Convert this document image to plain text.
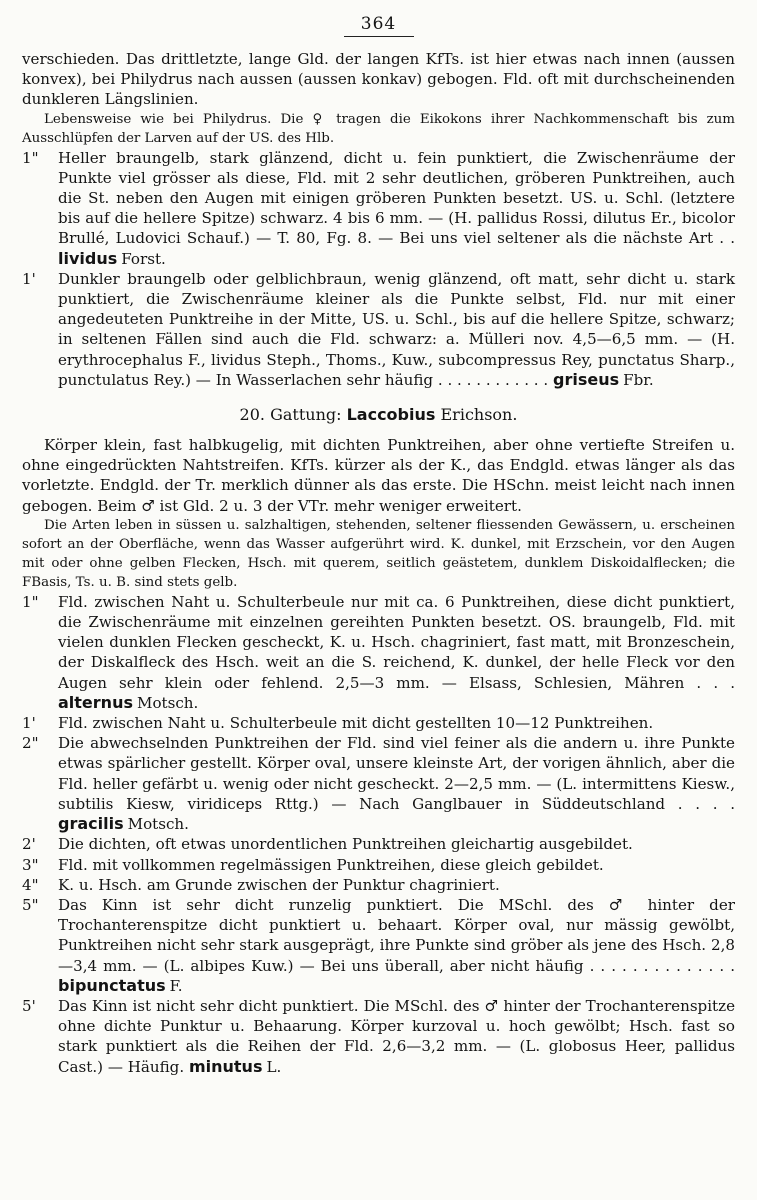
364

verschieden. Das drittletzte, lange Gld. der langen KfTs. ist hier etwas nach innen (aussen konvex), bei Philydrus nach aussen (aussen konkav) gebogen. Fld. oft mit durchscheinenden dunkleren Längslinien.

Lebensweise wie bei Philydrus. Die ♀ tragen die Eikokons ihrer Nachkommenschaft bis zum Ausschlüpfen der Larven auf der US. des Hlb.

1"	Heller braungelb, stark glänzend, dicht u. fein punktiert, die Zwischenräume der Punkte viel grösser als diese, Fld. mit 2 sehr deutlichen, gröberen Punktreihen, auch die St. neben den Augen mit einigen gröberen Punkten besetzt. US. u. Schl. (letztere bis auf die hellere Spitze) schwarz. 4 bis 6 mm. — (H. pallidus Rossi, dilutus Er., bicolor Brullé, Ludovici Schauf.) — T. 80, Fg. 8. — Bei uns viel seltener als die nächste Art . . lividus Forst.

1'	Dunkler braungelb oder gelblichbraun, wenig glänzend, oft matt, sehr dicht u. stark punktiert, die Zwischenräume kleiner als die Punkte selbst, Fld. nur mit einer angedeuteten Punktreihe in der Mitte, US. u. Schl., bis auf die hellere Spitze, schwarz; in seltenen Fällen sind auch die Fld. schwarz: a. Mülleri nov. 4,5—6,5 mm. — (H. erythrocephalus F., lividus Steph., Thoms., Kuw., subcompressus Rey, punctatus Sharp., punctulatus Rey.) — In Wasserlachen sehr häufig . . . . . . . . . . . . griseus Fbr.

20. Gattung: Laccobius Erichson.

Körper klein, fast halbkugelig, mit dichten Punktreihen, aber ohne vertiefte Streifen u. ohne eingedrückten Nahtstreifen. KfTs. kürzer als der K., das Endgld. etwas länger als das vorletzte. Endgld. der Tr. merklich dünner als das erste. Die HSchn. meist leicht nach innen gebogen. Beim ♂ ist Gld. 2 u. 3 der VTr. mehr weniger erweitert.

Die Arten leben in süssen u. salzhaltigen, stehenden, seltener fliessenden Gewässern, u. erscheinen sofort an der Oberfläche, wenn das Wasser aufgerührt wird. K. dunkel, mit Erzschein, vor den Augen mit oder ohne gelben Flecken, Hsch. mit querem, seitlich geästetem, dunklem Diskoidalflecken; die FBasis, Ts. u. B. sind stets gelb.

1"	Fld. zwischen Naht u. Schulterbeule nur mit ca. 6 Punktreihen, diese dicht punktiert, die Zwischenräume mit einzelnen gereihten Punkten besetzt. OS. braungelb, Fld. mit vielen dunklen Flecken gescheckt, K. u. Hsch. chagriniert, fast matt, mit Bronzeschein, der Diskalfleck des Hsch. weit an die S. reichend, K. dunkel, der helle Fleck vor den Augen sehr klein oder fehlend. 2,5—3 mm. — Elsass, Schlesien, Mähren . . . alternus Motsch.

1'	Fld. zwischen Naht u. Schulterbeule mit dicht gestellten 10—12 Punktreihen.

2"	Die abwechselnden Punktreihen der Fld. sind viel feiner als die andern u. ihre Punkte etwas spärlicher gestellt. Körper oval, unsere kleinste Art, der vorigen ähnlich, aber die Fld. heller gefärbt u. wenig oder nicht gescheckt. 2—2,5 mm. — (L. intermittens Kiesw., subtilis Kiesw, viridiceps Rttg.) — Nach Ganglbauer in Süddeutschland . . . . gracilis Motsch.

2'	Die dichten, oft etwas unordentlichen Punktreihen gleichartig ausgebildet.

3"	Fld. mit vollkommen regelmässigen Punktreihen, diese gleich gebildet.

4"	K. u. Hsch. am Grunde zwischen der Punktur chagriniert.

5"	Das Kinn ist sehr dicht runzelig punktiert. Die MSchl. des ♂ hinter der Trochanterenspitze dicht punktiert u. behaart. Körper oval, nur mässig gewölbt, Punktreihen nicht sehr stark ausgeprägt, ihre Punkte sind gröber als jene des Hsch. 2,8—3,4 mm. — (L. albipes Kuw.) — Bei uns überall, aber nicht häufig . . . . . . . . . . . . . . bipunctatus F.

5'	Das Kinn ist nicht sehr dicht punktiert. Die MSchl. des ♂ hinter der Trochanterenspitze ohne dichte Punktur u. Behaarung. Körper kurzoval u. hoch gewölbt; Hsch. fast so stark punktiert als die Reihen der Fld. 2,6—3,2 mm. — (L. globosus Heer, pallidus Cast.) — Häufig. minutus L.
